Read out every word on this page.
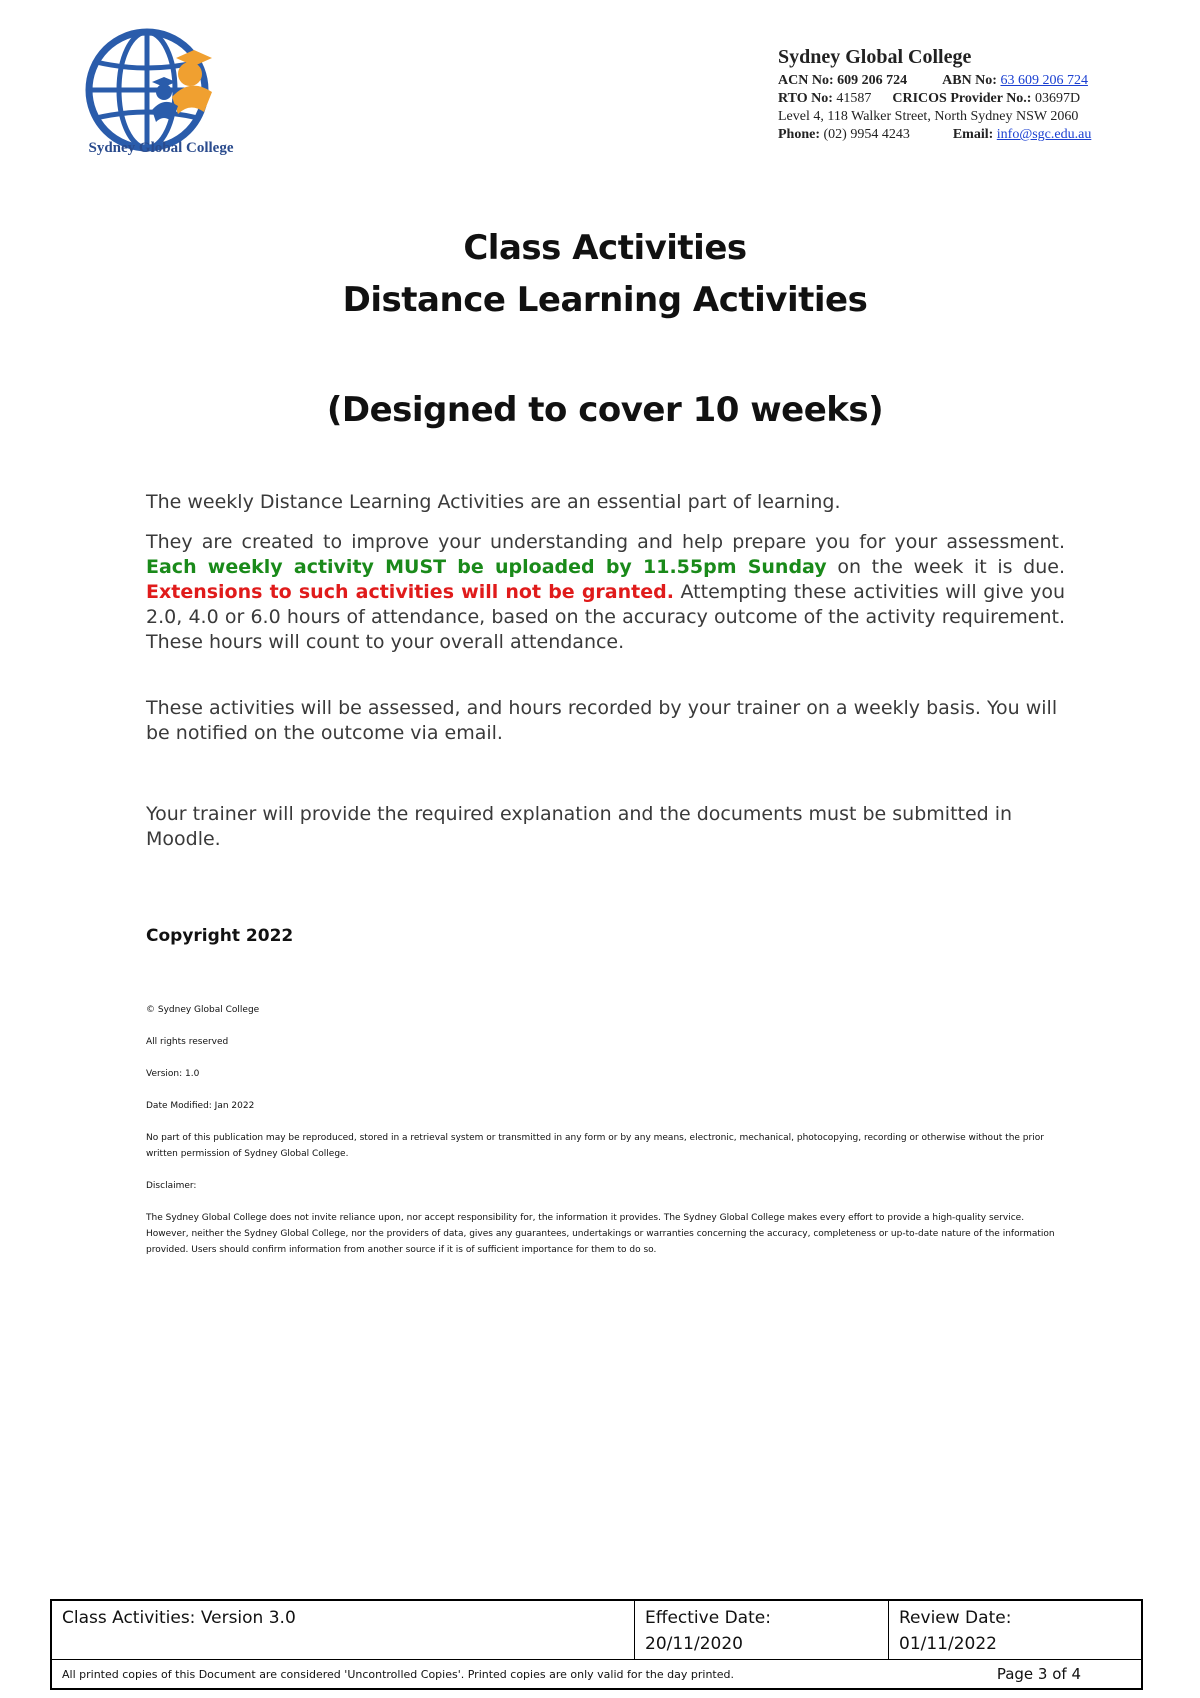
Sydney Global College
Sydney Global College
ACN No: 609 206 724	ABN No: 63 609 206 724
RTO No: 41587 CRICOS Provider No.: 03697D
Level 4, 118 Walker Street, North Sydney NSW 2060
Phone: (02) 9954 4243	Email: info@sgc.edu.au
Class Activities
Distance Learning Activities
(Designed to cover 10 weeks)
The weekly Distance Learning Activities are an essential part of learning.
They are created to improve your understanding and help prepare you for your assessment. Each weekly activity MUST be uploaded by 11.55pm Sunday on the week it is due. Extensions to such activities will not be granted. Attempting these activities will give you 2.0, 4.0 or 6.0 hours of attendance, based on the accuracy outcome of the activity requirement. These hours will count to your overall attendance.
These activities will be assessed, and hours recorded by your trainer on a weekly basis. You will be notified on the outcome via email.
Your trainer will provide the required explanation and the documents must be submitted in Moodle.
Copyright 2022
© Sydney Global College
All rights reserved
Version: 1.0
Date Modified: Jan 2022
No part of this publication may be reproduced, stored in a retrieval system or transmitted in any form or by any means, electronic, mechanical, photocopying, recording or otherwise without the prior written permission of Sydney Global College.
Disclaimer:
The Sydney Global College does not invite reliance upon, nor accept responsibility for, the information it provides. The Sydney Global College makes every effort to provide a high-quality service. However, neither the Sydney Global College, nor the providers of data, gives any guarantees, undertakings or warranties concerning the accuracy, completeness or up-to-date nature of the information provided. Users should confirm information from another source if it is of sufficient importance for them to do so.
Class Activities: Version 3.0	Effective Date:
20/11/2020
Review Date:
01/11/2022
All printed copies of this Document are considered 'Uncontrolled Copies'. Printed copies are only valid for the day printed.	Page 3 of 4
